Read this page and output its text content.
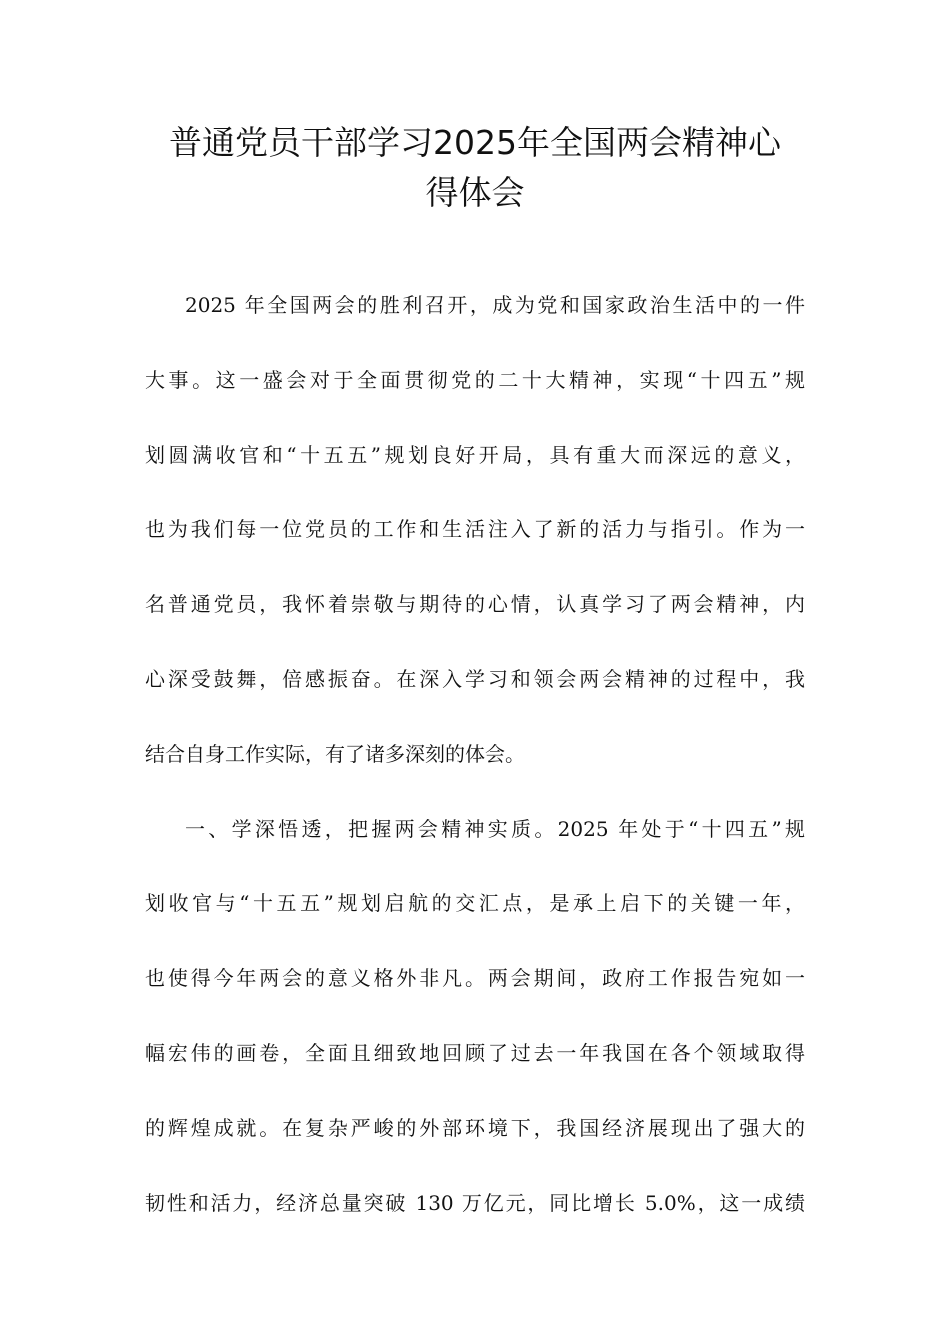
普通党员干部学习2025年全国两会精神心
得体会
2025 年全国两会的胜利召开，成为党和国家政治生活中的一件
大事。这一盛会对于全面贯彻党的二十大精神，实现“十四五”规
划圆满收官和“十五五”规划良好开局，具有重大而深远的意义，
也为我们每一位党员的工作和生活注入了新的活力与指引。作为一
名普通党员，我怀着崇敬与期待的心情，认真学习了两会精神，内
心深受鼓舞，倍感振奋。在深入学习和领会两会精神的过程中，我
结合自身工作实际，有了诸多深刻的体会。
一、学深悟透，把握两会精神实质。2025 年处于“十四五”规
划收官与“十五五”规划启航的交汇点，是承上启下的关键一年，
也使得今年两会的意义格外非凡。两会期间，政府工作报告宛如一
幅宏伟的画卷，全面且细致地回顾了过去一年我国在各个领域取得
的辉煌成就。在复杂严峻的外部环境下，我国经济展现出了强大的
韧性和活力，经济总量突破 130 万亿元，同比增长 5.0%，这一成绩
